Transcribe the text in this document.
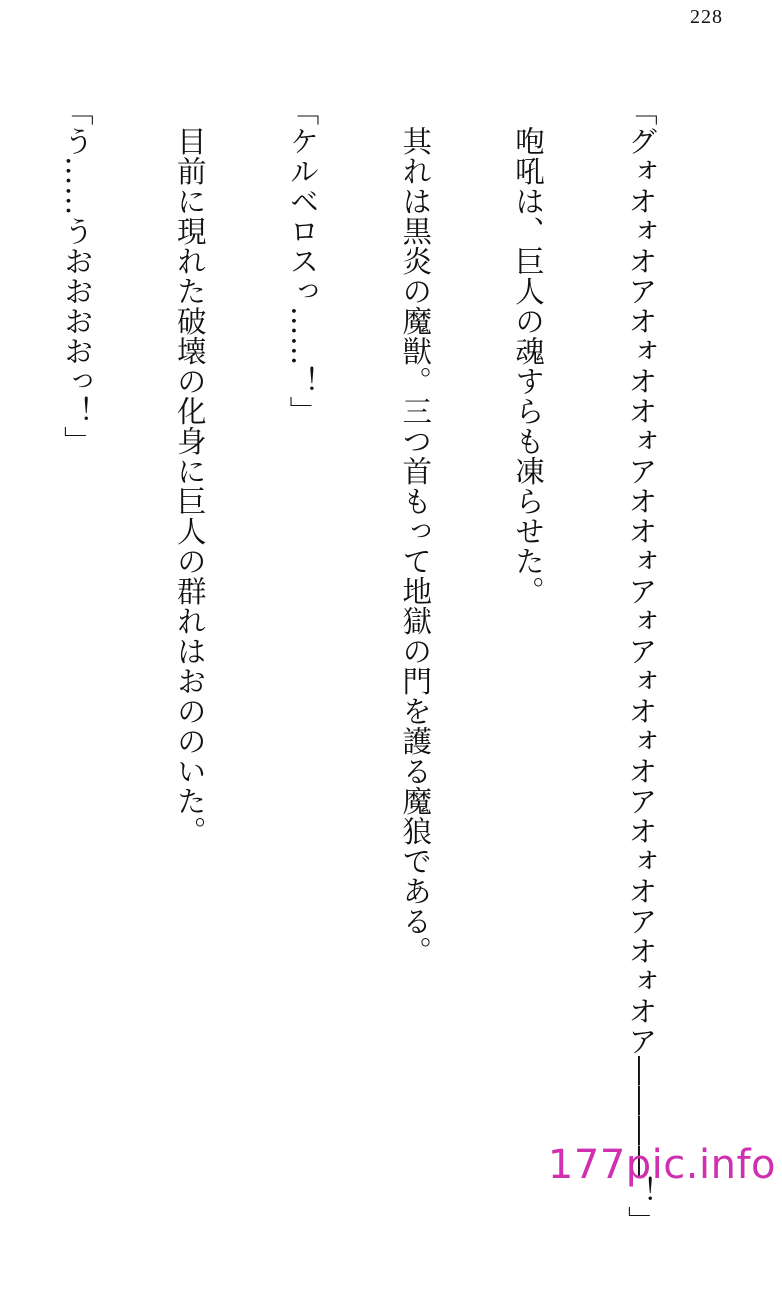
228

「グォオォオアオォオオォアオオォアォアォオォオアオォオアオォオア――――！」

　咆吼は、巨人の魂すらも凍らせた。

　其れは黒炎の魔獣。三つ首もって地獄の門を護る魔狼である。

「ケルベロスっ……！」

　目前に現れた破壊の化身に巨人の群れはおののいた。

「う……うおおおおっ！」

177pic.info
